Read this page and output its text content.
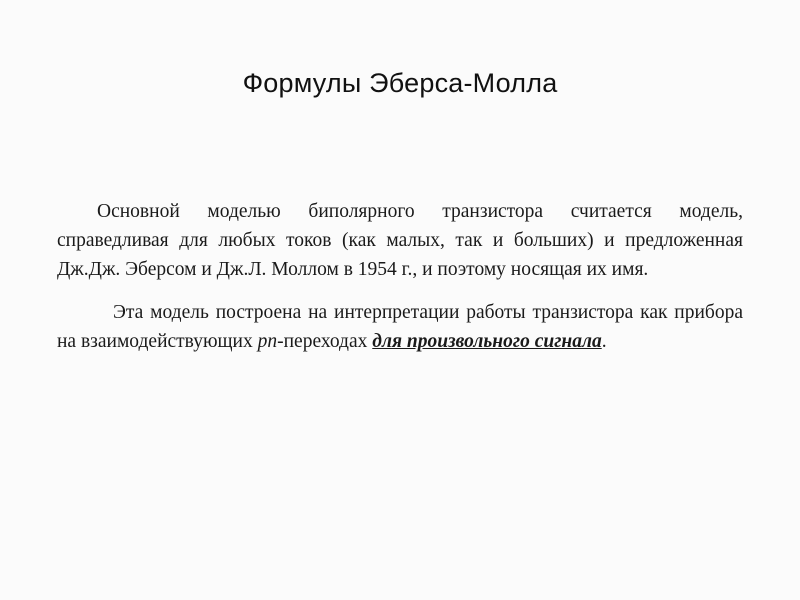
Формулы Эберса-Молла

Основной моделью биполярного транзистора считается модель, справедливая для любых токов (как малых, так и больших) и предложенная Дж.Дж. Эберсом и Дж.Л. Моллом в 1954 г., и поэтому носящая их имя.

Эта модель построена на интерпретации работы транзистора как прибора на взаимодействующих pn-переходах для произвольного сигнала.
